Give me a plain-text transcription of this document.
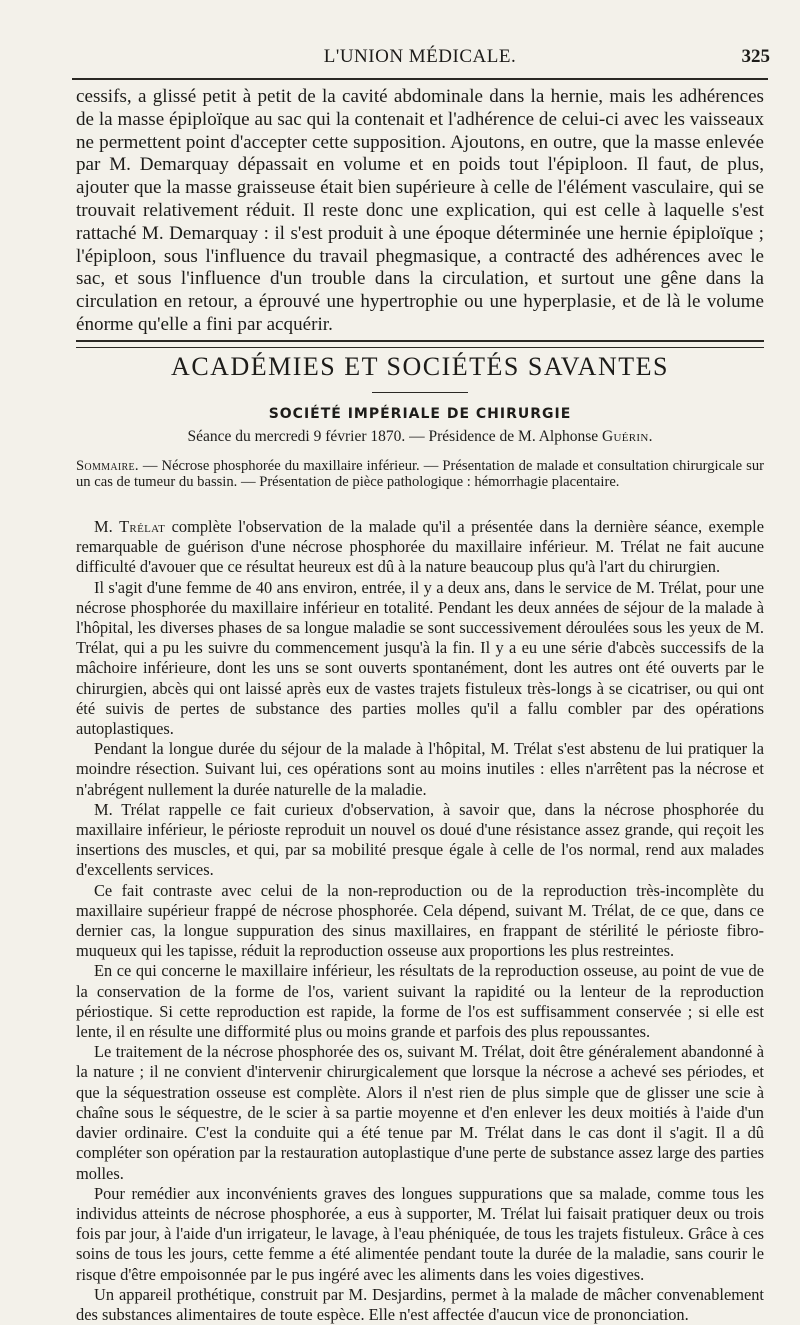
L'UNION MÉDICALE.	325

cessifs, a glissé petit à petit de la cavité abdominale dans la hernie, mais les adhérences de la masse épiploïque au sac qui la contenait et l'adhérence de celui-ci avec les vaisseaux ne permettent point d'accepter cette supposition. Ajoutons, en outre, que la masse enlevée par M. Demarquay dépassait en volume et en poids tout l'épiploon. Il faut, de plus, ajouter que la masse graisseuse était bien supérieure à celle de l'élément vasculaire, qui se trouvait relativement réduit. Il reste donc une explication, qui est celle à laquelle s'est rattaché M. Demarquay : il s'est produit à une époque déterminée une hernie épiploïque ; l'épiploon, sous l'influence du travail phegmasique, a contracté des adhérences avec le sac, et sous l'influence d'un trouble dans la circulation, et surtout une gêne dans la circulation en retour, a éprouvé une hypertrophie ou une hyperplasie, et de là le volume énorme qu'elle a fini par acquérir.

ACADÉMIES ET SOCIÉTÉS SAVANTES
SOCIÉTÉ IMPÉRIALE DE CHIRURGIE
Séance du mercredi 9 février 1870. — Présidence de M. Alphonse Guérin.

Sommaire. — Nécrose phosphorée du maxillaire inférieur. — Présentation de malade et consultation chirurgicale sur un cas de tumeur du bassin. — Présentation de pièce pathologique : hémorrhagie placentaire.

M. Trélat complète l'observation de la malade qu'il a présentée dans la dernière séance, exemple remarquable de guérison d'une nécrose phosphorée du maxillaire inférieur. M. Trélat ne fait aucune difficulté d'avouer que ce résultat heureux est dû à la nature beaucoup plus qu'à l'art du chirurgien.

Il s'agit d'une femme de 40 ans environ, entrée, il y a deux ans, dans le service de M. Trélat, pour une nécrose phosphorée du maxillaire inférieur en totalité. Pendant les deux années de séjour de la malade à l'hôpital, les diverses phases de sa longue maladie se sont successivement déroulées sous les yeux de M. Trélat, qui a pu les suivre du commencement jusqu'à la fin. Il y a eu une série d'abcès successifs de la mâchoire inférieure, dont les uns se sont ouverts spontanément, dont les autres ont été ouverts par le chirurgien, abcès qui ont laissé après eux de vastes trajets fistuleux très-longs à se cicatriser, ou qui ont été suivis de pertes de substance des parties molles qu'il a fallu combler par des opérations autoplastiques.

Pendant la longue durée du séjour de la malade à l'hôpital, M. Trélat s'est abstenu de lui pratiquer la moindre résection. Suivant lui, ces opérations sont au moins inutiles : elles n'arrêtent pas la nécrose et n'abrégent nullement la durée naturelle de la maladie.

M. Trélat rappelle ce fait curieux d'observation, à savoir que, dans la nécrose phosphorée du maxillaire inférieur, le périoste reproduit un nouvel os doué d'une résistance assez grande, qui reçoit les insertions des muscles, et qui, par sa mobilité presque égale à celle de l'os normal, rend aux malades d'excellents services.

Ce fait contraste avec celui de la non-reproduction ou de la reproduction très-incomplète du maxillaire supérieur frappé de nécrose phosphorée. Cela dépend, suivant M. Trélat, de ce que, dans ce dernier cas, la longue suppuration des sinus maxillaires, en frappant de stérilité le périoste fibro-muqueux qui les tapisse, réduit la reproduction osseuse aux proportions les plus restreintes.

En ce qui concerne le maxillaire inférieur, les résultats de la reproduction osseuse, au point de vue de la conservation de la forme de l'os, varient suivant la rapidité ou la lenteur de la reproduction périostique. Si cette reproduction est rapide, la forme de l'os est suffisamment conservée ; si elle est lente, il en résulte une difformité plus ou moins grande et parfois des plus repoussantes.

Le traitement de la nécrose phosphorée des os, suivant M. Trélat, doit être généralement abandonné à la nature ; il ne convient d'intervenir chirurgicalement que lorsque la nécrose a achevé ses périodes, et que la séquestration osseuse est complète. Alors il n'est rien de plus simple que de glisser une scie à chaîne sous le séquestre, de le scier à sa partie moyenne et d'en enlever les deux moitiés à l'aide d'un davier ordinaire. C'est la conduite qui a été tenue par M. Trélat dans le cas dont il s'agit. Il a dû compléter son opération par la restauration autoplastique d'une perte de substance assez large des parties molles.

Pour remédier aux inconvénients graves des longues suppurations que sa malade, comme tous les individus atteints de nécrose phosphorée, a eus à supporter, M. Trélat lui faisait pratiquer deux ou trois fois par jour, à l'aide d'un irrigateur, le lavage, à l'eau phéniquée, de tous les trajets fistuleux. Grâce à ces soins de tous les jours, cette femme a été alimentée pendant toute la durée de la maladie, sans courir le risque d'être empoisonnée par le pus ingéré avec les aliments dans les voies digestives.

Un appareil prothétique, construit par M. Desjardins, permet à la malade de mâcher convenablement des substances alimentaires de toute espèce. Elle n'est affectée d'aucun vice de prononciation.
